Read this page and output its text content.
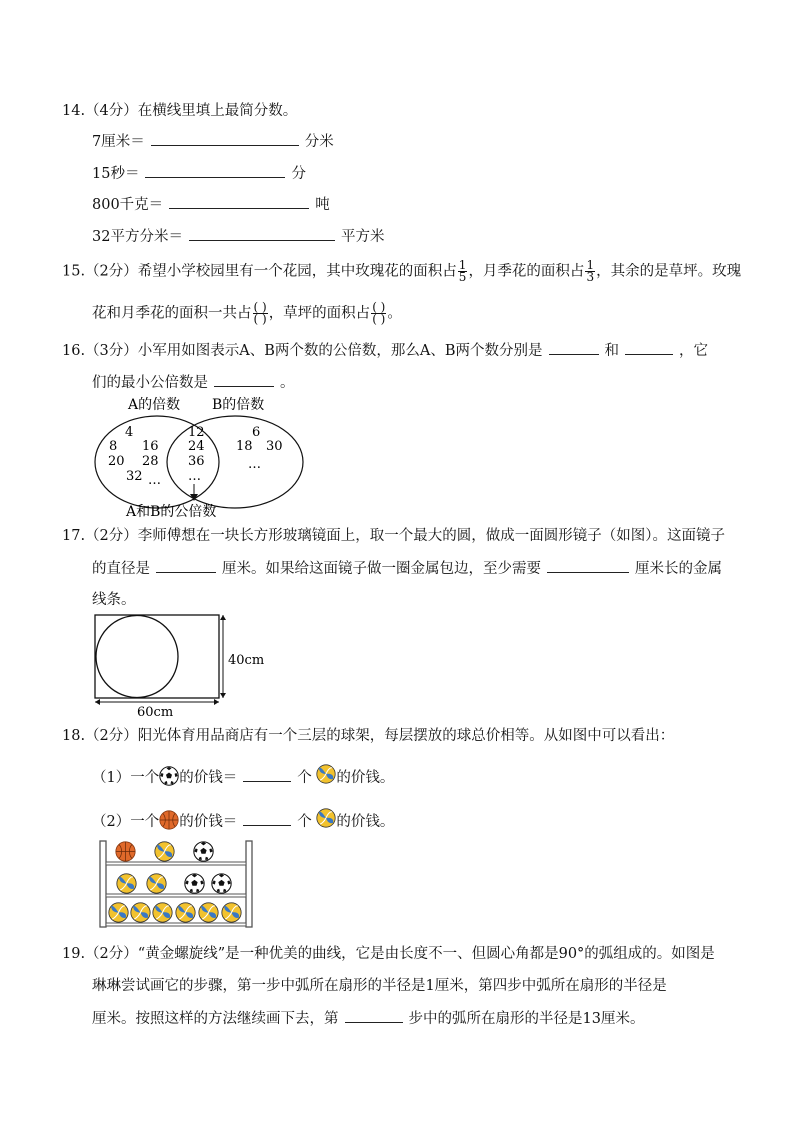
14.（4分）在横线里填上最简分数。
7厘米＝	分米
15秒＝	分
800千克＝	吨
32平方分米＝	平方米
15.（2分）希望小学校园里有一个花园，其中玫瑰花的面积占 $\frac{1}{5}$ ，月季花的面积占 $\frac{1}{3}$ ，其余的是草坪。玫瑰
花和月季花的面积一共占 $\frac{( )}{( )}$ ，草坪的面积占 $\frac{( )}{( )}$ 。
16.（3分）小军用如图表示A、B两个数的公倍数，那么A、B两个数分别是	和	，它
们的最小公倍数是	。
A的倍数 B的倍数
4
8 16
20 28
32 …
12
24
36
…
6
18 30
…
A和B的公倍数
17.（2分）李师傅想在一块长方形玻璃镜面上，取一个最大的圆，做成一面圆形镜子（如图）。这面镜子
的直径是	厘米。如果给这面镜子做一圈金属包边，至少需要	厘米长的金属
线条。
40cm
60cm
18.（2分）阳光体育用品商店有一个三层的球架，每层摆放的球总价相等。从如图中可以看出：
（1）一个 的价钱＝	个 的价钱。
（2）一个 的价钱＝	个 的价钱。
19.（2分）“黄金螺旋线”是一种优美的曲线，它是由长度不一、但圆心角都是90°的弧组成的。如图是
琳琳尝试画它的步骤，第一步中弧所在扇形的半径是1厘米，第四步中弧所在扇形的半径是
厘米。按照这样的方法继续画下去，第	步中的弧所在扇形的半径是13厘米。
